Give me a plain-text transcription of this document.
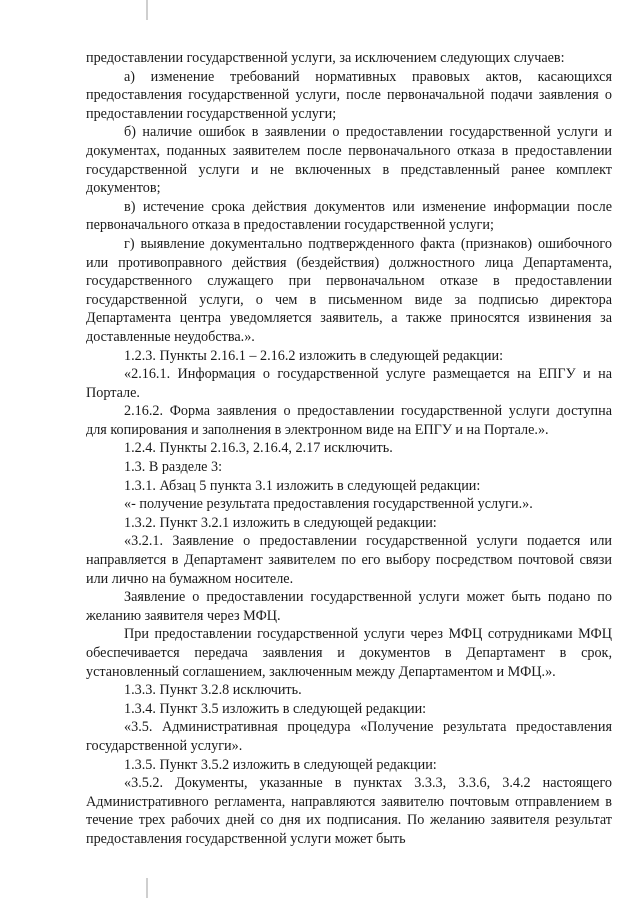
предоставлении государственной услуги, за исключением следующих случаев:

а) изменение требований нормативных правовых актов, касающихся предоставления государственной услуги, после первоначальной подачи заявления о предоставлении государственной услуги;

б) наличие ошибок в заявлении о предоставлении государственной услуги и документах, поданных заявителем после первоначального отказа в предоставлении государственной услуги и не включенных в представленный ранее комплект документов;

в) истечение срока действия документов или изменение информации после первоначального отказа в предоставлении государственной услуги;

г) выявление документально подтвержденного факта (признаков) ошибочного или противоправного действия (бездействия) должностного лица Департамента, государственного служащего при первоначальном отказе в предоставлении государственной услуги, о чем в письменном виде за подписью директора Департамента центра уведомляется заявитель, а также приносятся извинения за доставленные неудобства.».

1.2.3. Пункты 2.16.1 – 2.16.2 изложить в следующей редакции:

«2.16.1. Информация о государственной услуге размещается на ЕПГУ и на Портале.

2.16.2. Форма заявления о предоставлении государственной услуги доступна для копирования и заполнения в электронном виде на ЕПГУ и на Портале.».

1.2.4. Пункты 2.16.3, 2.16.4, 2.17 исключить.

1.3. В разделе 3:

1.3.1. Абзац 5 пункта 3.1 изложить в следующей редакции:

«- получение результата предоставления государственной услуги.».

1.3.2. Пункт 3.2.1 изложить в следующей редакции:

«3.2.1. Заявление о предоставлении государственной услуги подается или направляется в Департамент заявителем по его выбору посредством почтовой связи или лично на бумажном носителе.

Заявление о предоставлении государственной услуги может быть подано по желанию заявителя через МФЦ.

При предоставлении государственной услуги через МФЦ сотрудниками МФЦ обеспечивается передача заявления и документов в Департамент в срок, установленный соглашением, заключенным между Департаментом и МФЦ.».

1.3.3. Пункт 3.2.8 исключить.

1.3.4. Пункт 3.5 изложить в следующей редакции:

«3.5. Административная процедура «Получение результата предоставления государственной услуги».

1.3.5. Пункт 3.5.2 изложить в следующей редакции:

«3.5.2. Документы, указанные в пунктах 3.3.3, 3.3.6, 3.4.2 настоящего Административного регламента, направляются заявителю почтовым отправлением в течение трех рабочих дней со дня их подписания. По желанию заявителя результат предоставления государственной услуги может быть
